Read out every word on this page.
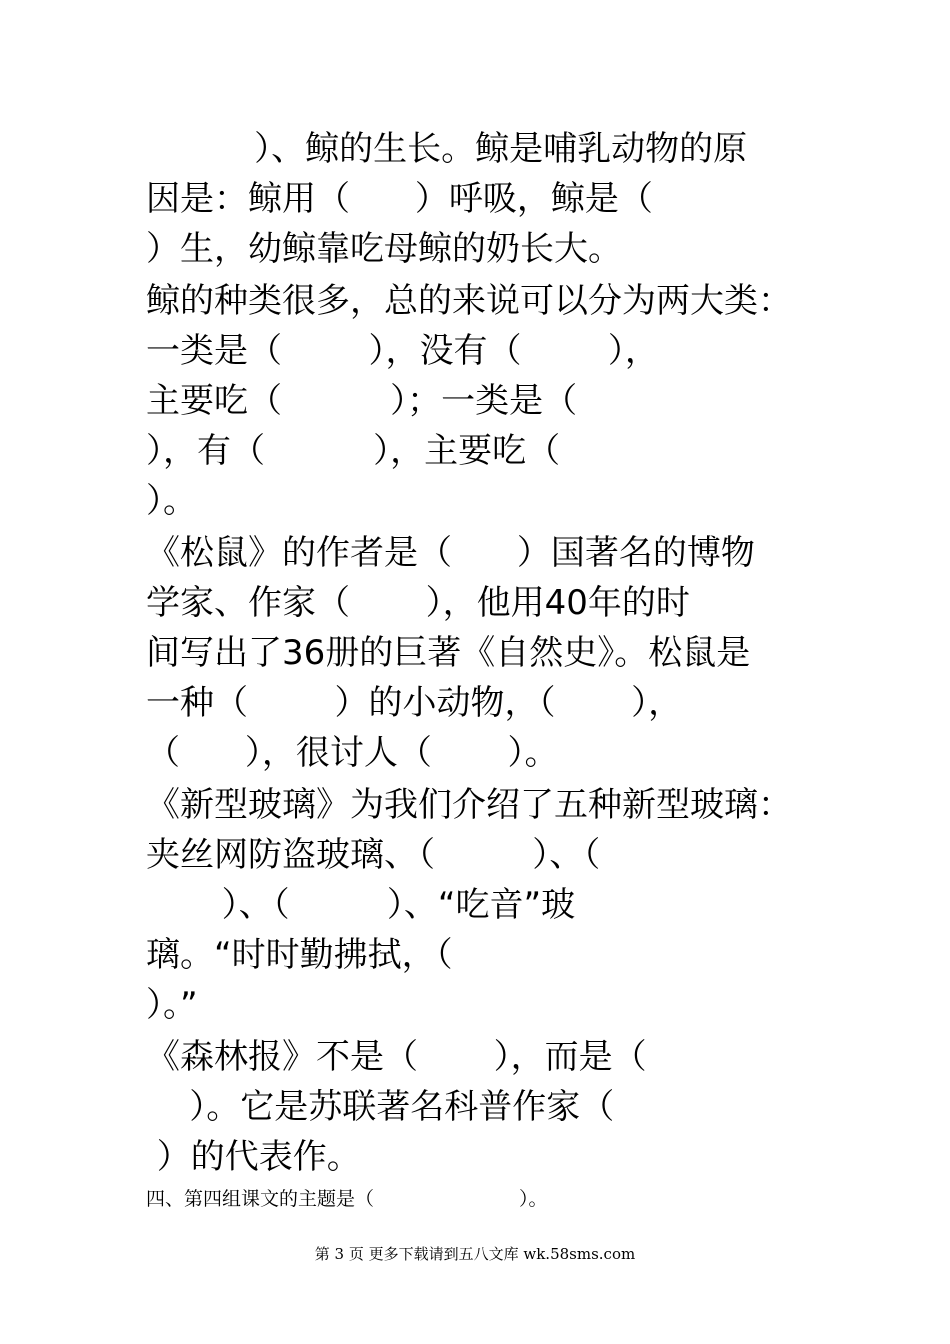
）、鲸的生长。鲸是哺乳动物的原
因是：鲸用（      ）呼吸，鲸是（
）生，幼鲸靠吃母鲸的奶长大。
鲸的种类很多，总的来说可以分为两大类：
一类是（        ），没有（        ），
主要吃（          ）；一类是（
），有（          ），主要吃（
）。
《松鼠》的作者是（      ）国著名的博物
学家、作家（       ），他用40年的时
间写出了36册的巨著《自然史》。松鼠是
一种（        ）的小动物，（       ），
（      ），很讨人（       ）。
《新型玻璃》为我们介绍了五种新型玻璃：
夹丝网防盗玻璃、（         ）、（
）、（         ）、“吃音”玻
璃。“时时勤拂拭，（
）。”
《森林报》不是（       ），而是（
）。它是苏联著名科普作家（
）的代表作。
四、第四组课文的主题是（                        ）。
第 3 页 更多下载请到五八文库 wk.58sms.com
